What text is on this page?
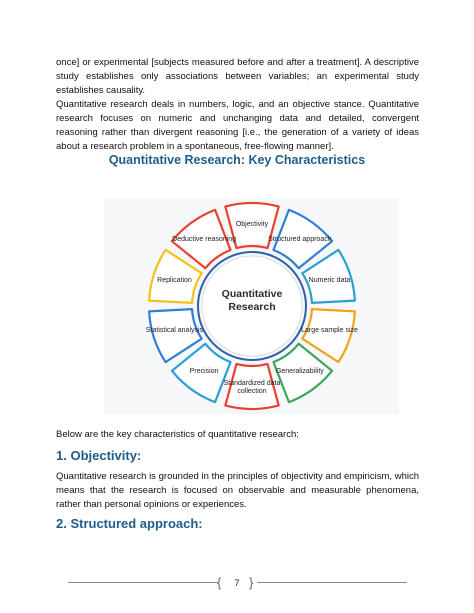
once] or experimental [subjects measured before and after a treatment]. A descriptive study establishes only associations between variables; an experimental study establishes causality.

Quantitative research deals in numbers, logic, and an objective stance. Quantitative research focuses on numeric and unchanging data and detailed, convergent reasoning rather than divergent reasoning [i.e., the generation of a variety of ideas about a research problem in a spontaneous, free-flowing manner].

Quantitative Research: Key Characteristics
Objectivity
Structured approach
Numeric data
Large sample size
Generalizability
Standardized data collection
Precision
Statistical analysis
Replication
Deductive reasoning
Quantitative
Research

Below are the key characteristics of quantitative research:

1. Objectivity:

Quantitative research is grounded in the principles of objectivity and empiricism, which means that the research is focused on observable and measurable phenomena, rather than personal opinions or experiences.

2. Structured approach:
{	7 }
